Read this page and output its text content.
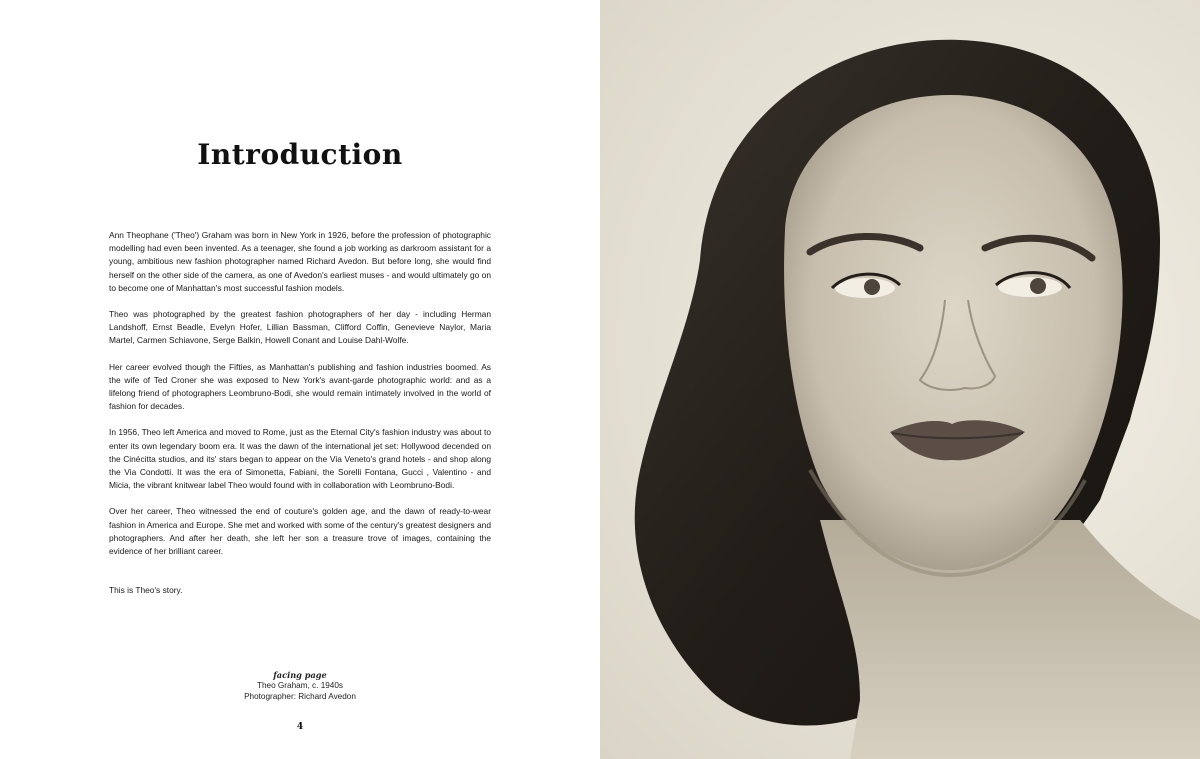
Introduction

Ann Theophane ('Theo') Graham was born in New York in 1926, before the profession of photographic modelling had even been invented. As a teenager, she found a job working as darkroom assistant for a young, ambitious new fashion photographer named Richard Avedon. But before long, she would find herself on the other side of the camera, as one of Avedon's earliest muses - and would ultimately go on to become one of Manhattan's most successful fashion models.

Theo was photographed by the greatest fashion photographers of her day - including Herman Landshoff, Ernst Beadle, Evelyn Hofer, Lillian Bassman, Clifford Coffin, Genevieve Naylor, Maria Martel, Carmen Schiavone, Serge Balkin, Howell Conant and Louise Dahl-Wolfe.

Her career evolved though the Fifties, as Manhattan's publishing and fashion industries boomed. As the wife of Ted Croner she was exposed to New York's avant-garde photographic world: and as a lifelong friend of photographers Leombruno-Bodi, she would remain intimately involved in the world of fashion for decades.

In 1956, Theo left America and moved to Rome, just as the Eternal City's fashion industry was about to enter its own legendary boom era. It was the dawn of the international jet set: Hollywood decended on the Cinécitta studios, and its' stars began to appear on the Via Veneto's grand hotels - and shop along the Via Condotti. It was the era of Simonetta, Fabiani, the Sorelli Fontana, Gucci , Valentino - and Micia, the vibrant knitwear label Theo would found with in collaboration with Leombruno-Bodi.

Over her career, Theo witnessed the end of couture's golden age, and the dawn of ready-to-wear fashion in America and Europe. She met and worked with some of the century's greatest designers and photographers. And after her death, she left her son a treasure trove of images, containing the evidence of her brilliant career.

This is Theo's story.

facing page
Theo Graham, c. 1940s
Photographer: Richard Avedon
4
